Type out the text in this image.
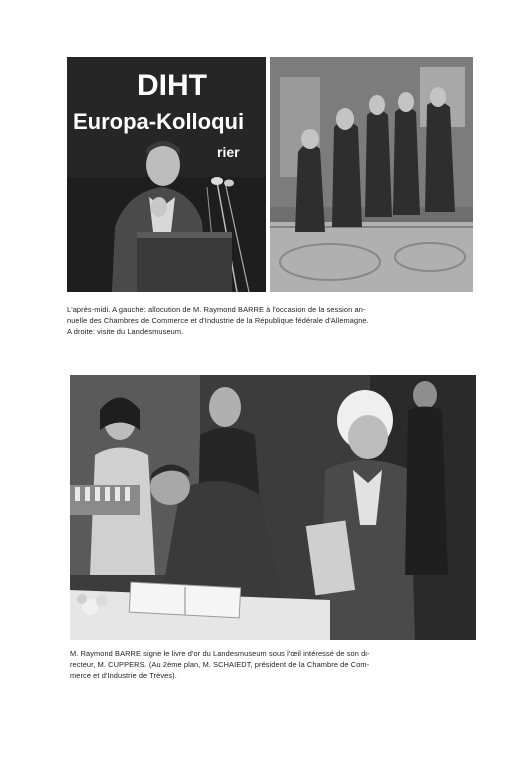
DIHT
Europa-Kolloqui
rier
L'après-midi. A gauche: allocution de M. Raymond BARRE à l'occasion de la session an-
nuelle des Chambres de Commerce et d'Industrie de la République fédérale d'Allemagne.
A droite: visite du Landesmuseum.
M. Raymond BARRE signe le livre d'or du Landesmuseum sous l'œil intéressé de son di-
recteur, M. CUPPERS. (Au 2ème plan, M. SCHAIEDT, président de la Chambre de Com-
merce et d'Industrie de Trèves).
